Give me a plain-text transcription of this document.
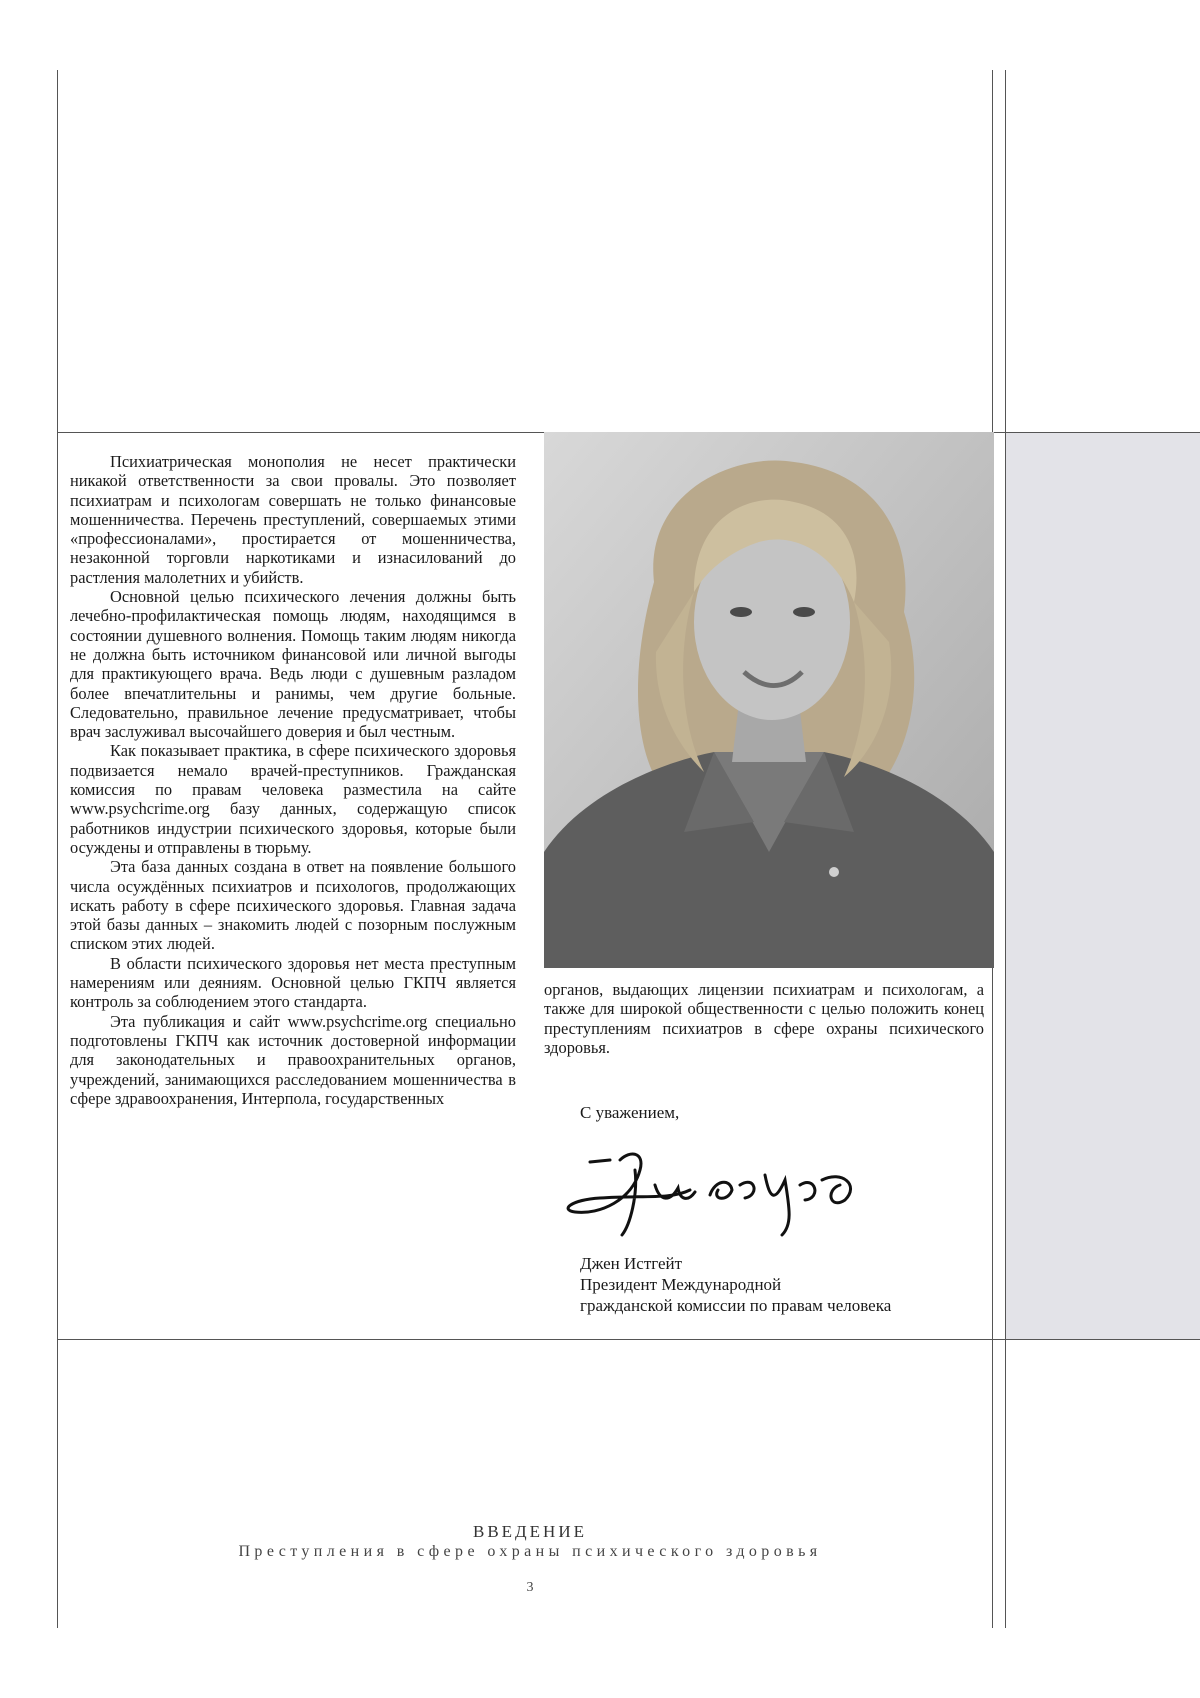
Психиатрическая монополия не несет практически никакой ответственности за свои провалы. Это позволяет психиатрам и психологам совершать не только финансовые мошенничества. Перечень преступлений, совершаемых этими «профессионалами», простирается от мошенничества, незаконной торговли наркотиками и изнасилований до растления малолетних и убийств.

Основной целью психического лечения должны быть лечебно-профилактическая помощь людям, находящимся в состоянии душевного волнения. Помощь таким людям никогда не должна быть источником финансовой или личной выгоды для практикующего врача. Ведь люди с душевным разладом более впечатлительны и ранимы, чем другие больные. Следовательно, правильное лечение предусматривает, чтобы врач заслуживал высочайшего доверия и был честным.

Как показывает практика, в сфере психического здоровья подвизается немало врачей-преступников. Гражданская комиссия по правам человека разместила на сайте www.psychcrime.org базу данных, содержащую список работников индустрии психического здоровья, которые были осуждены и отправлены в тюрьму.

Эта база данных создана в ответ на появление большого числа осуждённых психиатров и психологов, продолжающих искать работу в сфере психического здоровья. Главная задача этой базы данных – знакомить людей с позорным послужным списком этих людей.

В области психического здоровья нет места преступным намерениям или деяниям. Основной целью ГКПЧ является контроль за соблюдением этого стандарта.

Эта публикация и сайт www.psychcrime.org специально подготовлены ГКПЧ как источник достоверной информации для законодательных и правоохранительных органов, учреждений, занимающихся расследованием мошенничества в сфере здравоохранения, Интерпола, государственных

органов, выдающих лицензии психиатрам и психологам, а также для широкой общественности с целью положить конец преступлениям психиатров в сфере охраны психического здоровья.
С уважением,
Джен Истгейт
Президент Международной
гражданской комиссии по правам человека
ВВЕДЕНИЕ
Преступления в сфере охраны психического здоровья
3
